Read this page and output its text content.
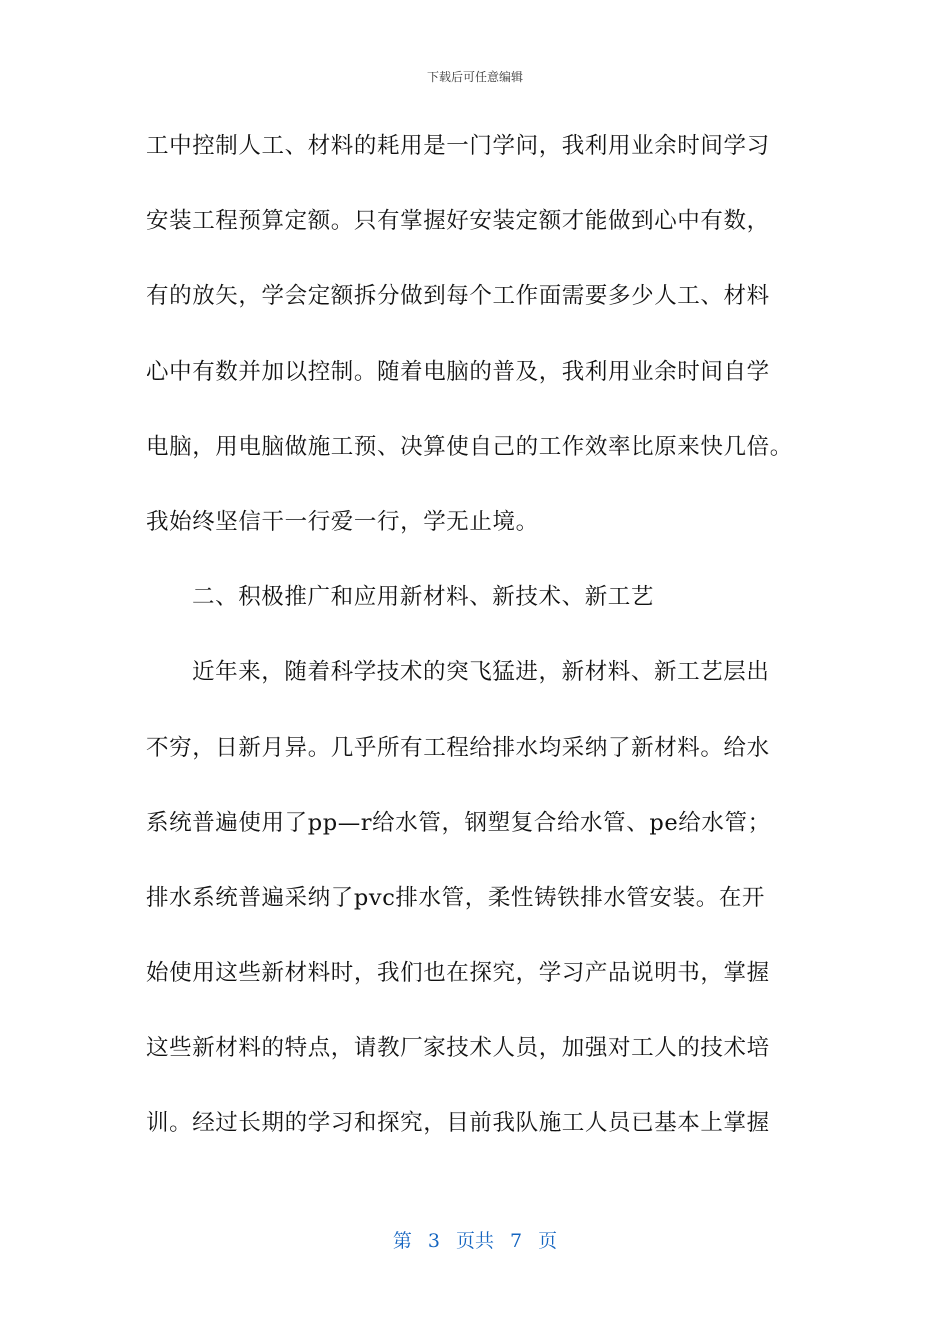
下载后可任意编辑
工中控制人工、材料的耗用是一门学问，我利用业余时间学习
安装工程预算定额。只有掌握好安装定额才能做到心中有数，
有的放矢，学会定额拆分做到每个工作面需要多少人工、材料
心中有数并加以控制。随着电脑的普及，我利用业余时间自学
电脑，用电脑做施工预、决算使自己的工作效率比原来快几倍。
我始终坚信干一行爱一行，学无止境。
二、积极推广和应用新材料、新技术、新工艺
近年来，随着科学技术的突飞猛进，新材料、新工艺层出
不穷，日新月异。几乎所有工程给排水均采纳了新材料。给水
系统普遍使用了pp—r给水管，钢塑复合给水管、pe给水管；
排水系统普遍采纳了pvc排水管，柔性铸铁排水管安装。在开
始使用这些新材料时，我们也在探究，学习产品说明书，掌握
这些新材料的特点，请教厂家技术人员，加强对工人的技术培
训。经过长期的学习和探究，目前我队施工人员已基本上掌握
第 3 页共 7 页
